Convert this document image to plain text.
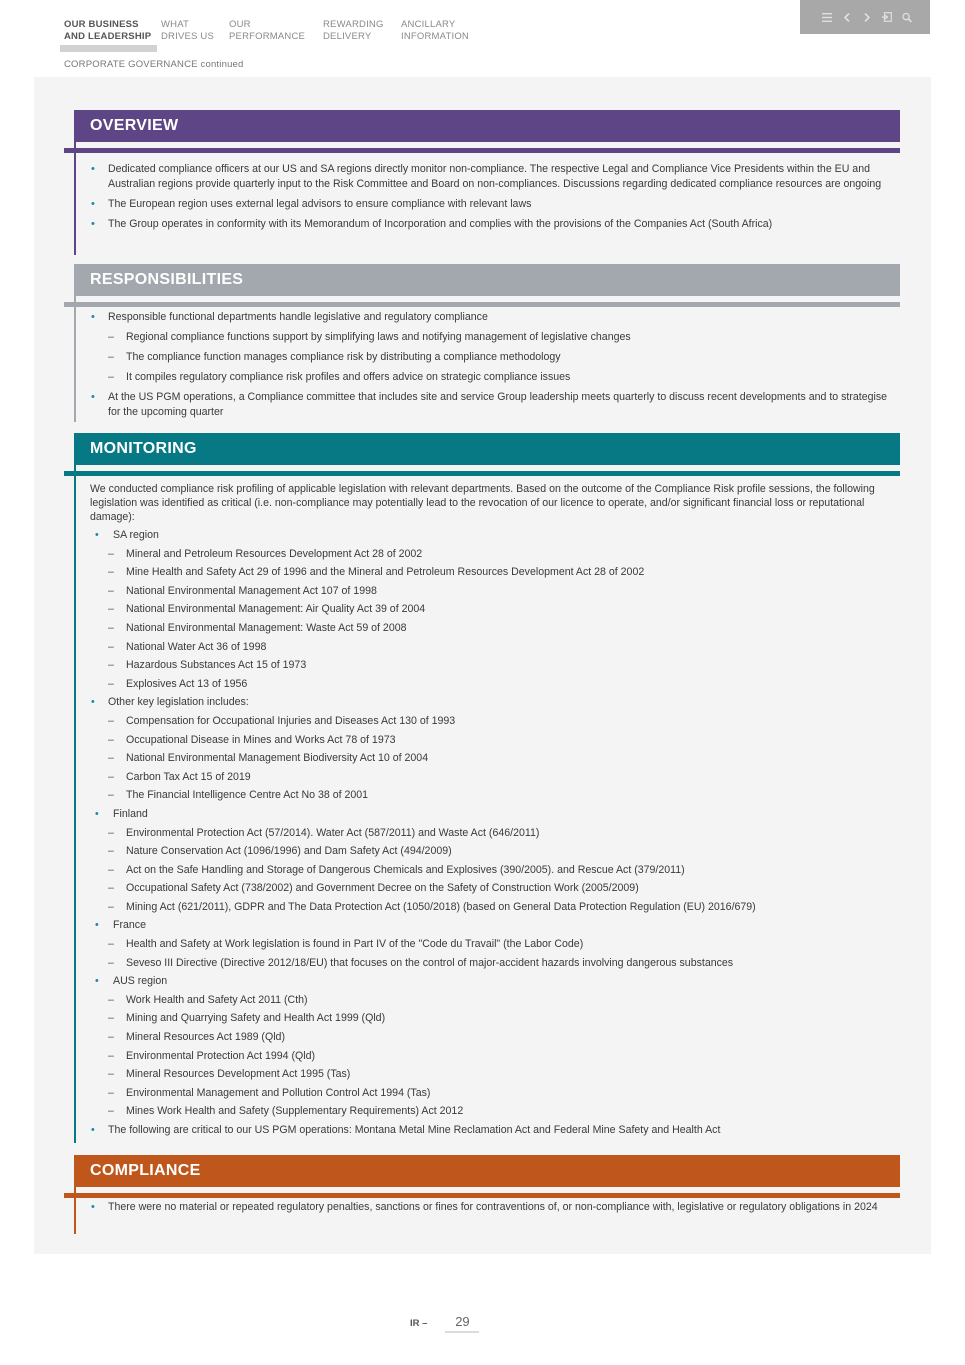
OUR BUSINESS
AND LEADERSHIP
WHAT
DRIVES US
OUR
PERFORMANCE
REWARDING
DELIVERY
ANCILLARY
INFORMATION
CORPORATE GOVERNANCE continued
OVERVIEW
• Dedicated compliance officers at our US and SA regions directly monitor non-compliance. The respective Legal and Compliance Vice Presidents within the EU and Australian regions provide quarterly input to the Risk Committee and Board on non-compliances. Discussions regarding dedicated compliance resources are ongoing
• The European region uses external legal advisors to ensure compliance with relevant laws
• The Group operates in conformity with its Memorandum of Incorporation and complies with the provisions of the Companies Act (South Africa)
RESPONSIBILITIES
• Responsible functional departments handle legislative and regulatory compliance
– Regional compliance functions support by simplifying laws and notifying management of legislative changes
– The compliance function manages compliance risk by distributing a compliance methodology
– It compiles regulatory compliance risk profiles and offers advice on strategic compliance issues
• At the US PGM operations, a Compliance committee that includes site and service Group leadership meets quarterly to discuss recent developments and to strategise for the upcoming quarter
MONITORING

We conducted compliance risk profiling of applicable legislation with relevant departments. Based on the outcome of the Compliance Risk profile sessions, the following legislation was identified as critical (i.e. non-compliance may potentially lead to the revocation of our licence to operate, and/or significant financial loss or reputational damage):

• SA region
– Mineral and Petroleum Resources Development Act 28 of 2002
– Mine Health and Safety Act 29 of 1996 and the Mineral and Petroleum Resources Development Act 28 of 2002
– National Environmental Management Act 107 of 1998
– National Environmental Management: Air Quality Act 39 of 2004
– National Environmental Management: Waste Act 59 of 2008
– National Water Act 36 of 1998
– Hazardous Substances Act 15 of 1973
– Explosives Act 13 of 1956
• Other key legislation includes:
– Compensation for Occupational Injuries and Diseases Act 130 of 1993
– Occupational Disease in Mines and Works Act 78 of 1973
– National Environmental Management Biodiversity Act 10 of 2004
– Carbon Tax Act 15 of 2019
– The Financial Intelligence Centre Act No 38 of 2001
• Finland
– Environmental Protection Act (57/2014). Water Act (587/2011) and Waste Act (646/2011)
– Nature Conservation Act (1096/1996) and Dam Safety Act (494/2009)
– Act on the Safe Handling and Storage of Dangerous Chemicals and Explosives (390/2005). and Rescue Act (379/2011)
– Occupational Safety Act (738/2002) and Government Decree on the Safety of Construction Work (2005/2009)
– Mining Act (621/2011), GDPR and The Data Protection Act (1050/2018) (based on General Data Protection Regulation (EU) 2016/679)
• France
– Health and Safety at Work legislation is found in Part IV of the "Code du Travail" (the Labor Code)
– Seveso III Directive (Directive 2012/18/EU) that focuses on the control of major-accident hazards involving dangerous substances
• AUS region
– Work Health and Safety Act 2011 (Cth)
– Mining and Quarrying Safety and Health Act 1999 (Qld)
– Mineral Resources Act 1989 (Qld)
– Environmental Protection Act 1994 (Qld)
– Mineral Resources Development Act 1995 (Tas)
– Environmental Management and Pollution Control Act 1994 (Tas)
– Mines Work Health and Safety (Supplementary Requirements) Act 2012
• The following are critical to our US PGM operations: Montana Metal Mine Reclamation Act and Federal Mine Safety and Health Act
COMPLIANCE
• There were no material or repeated regulatory penalties, sanctions or fines for contraventions of, or non-compliance with, legislative or regulatory obligations in 2024
IR –	29
